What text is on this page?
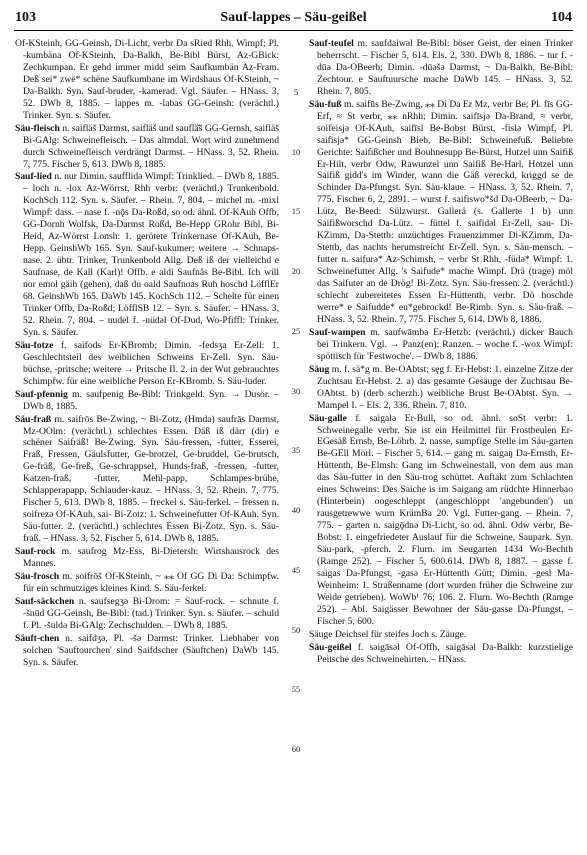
103	Sauf-lappes – Säu-geißel	104

Of-KSteinh, GG-Geinsh, Di-Licht, verbr Da sRied Rhh, Wimpf; Pl. -kumbäna Of-KSteinh, Da-Balkh, Be-Bibl Bürst, Az-GBick: Zechkumpan. Er gehd immer midd seim Saufkumbän Az-Fram. Deß sei* zwë* schëne Saufkumbane im Wirdshaus Of-KSteinh, ~ Da-Balkh. Syn. Sauf-bruder, -kamerad. Vgl. Säufer. – HNass. 3, 52. DWb 8, 1885. – lappes m. -labas GG-Geinsh: (verächtl.) Trinker. Syn. s. Säufer.

Säu-fleisch n. saifläš Darmst, saifläš und sauflä̌š GG-Gernsh, saifläš Bi-GAlg: Schweinefleisch. – Das altmdal. Wort wird zunehmend durch Schweinefleisch verdrängt Darmst. – HNass. 3, 52. Rhein. 7, 775. Fischer 5, 613. DWb 8, 1885.

Sauf-lied n. nur Dimin. saufflidə Wimpf: Trinklied. – DWb 8, 1885. – loch n. -lox Az-Wörrst, Rhh verbr: (verächtl.) Trunkenbold. KochSch 112. Syn. s. Säufer. – Rhein. 7, 804. – michel m. -mixl Wimpf: dass. – nase f. -nǭs Da-Roßd, so od. ähnl. Of-KAuh Offb, GG-Dornh Wolfsk, Da-Darmst Roßd, Be-Hepp GRohr Bibl, Bi-Heid, Az-Wörrst Lonsh: 1. gerötete Trinkernase Of-KAuh, Be-Hepp. GeinshWb 165. Syn. Sauf-kukumer; weitere → Schnaps-nase. 2. übtr. Trinker, Trunkenbold Allg. Deß iß der vielleichd e Saufnase, de Kall (Karl)! Offb. e aldi Saufnås Be-Bibl. Ich will nor emol gäih (gehen), daß du oald Saufnoas Ruh hoschd LöfflEr 68. GeinshWb 165. DaWb 145. KochSch 112. – Schelte für einen Trinker Offb, Da-Roßd; LöfflSB 12. – Syn. s. Säufer. – HNass. 3, 52. Rhein. 7, 804. – nudel f. -nüdəl Of-Dud, Wo-Pfiffl: Trinker. Syn. s. Säufer.

Säu-fotze f. saifods Er-KBromb; Dimin. -fedsʒa Er-Zell: 1. Geschlechtsteil des weiblichen Schweins Er-Zell. Syn. Säu-büchse, -pritsche; weitere → Pritsche II. 2. in der Wut gebrauchtes Schimpfw. für eine weibliche Person Er-KBromb. S. Säu-luder.

Sauf-pfennig m. saufpenig Be-Bibl: Trinkgeld. Syn. → Dusör. – DWb 8, 1885.

Säu-fraß m. saifrōs Be-Zwing, ~ Bi-Zotz, (Hmda) saufrās Darmst, Mz-OOlm: (verächtl.) schlechtes Essen. Däß iß därr (dir) e schëner Saifräß! Be-Zwing. Syn. Säu-fressen, -futter, Esserei, Fraß, Fressen, Gäulsfutter, Ge-brotzel, Ge-bruddel, Ge-brutsch, Ge-fräß, Ge-freß, Ge-schrappsel, Hunds-fraß, -fressen, -futter, Katzen-fraß, -futter, Mehl-papp, Schlampes-brühe, Schlapperapapp, Schlauder-kauz. – HNass. 3, 52. Rhein. 7, 775. Fischer 5, 613. DWb 8, 1885. – freckel s. Säu-ferkel. – fressen n. soifrezə Of-KAuh, sai- Bi-Zotz: 1. Schweinefutter Of-KAuh. Syn. Säu-futter. 2. (verächtl.) schlechtes Essen Bi-Zotz. Syn. s. Säu-fraß. – HNass. 3, 52. Fischer 5, 614. DWb 8, 1885.

Sauf-rock m. saufrog Mz-Ess, Bi-Dietersh: Wirtshausrock des Mannes.

Säu-frosch m. soifrōš Of-KSteinh, ~ ⁎⁎ Of GG Di Da: Schimpfw. für ein schmutziges kleines Kind. S. Säu-ferkel.

Sauf-säckchen n. saufsegʒə Bi-Drom: = Sauf-rock. – schnute f. -šnūd GG-Geinsh, Be-Bibl: (tad.) Trinker. Syn. s. Säufer. – schuld f. Pl. -šuldə Bi-GAlg: Zechschulden. – DWb 8, 1885.

Säuft-chen n. saifdʒə, Pl. -šə Darmst: Trinker. Liebhaber von solchen 'Sauftourchen' sind Saifdscher (Säuftchen) DaWb 145. Syn. s. Säufer.

5
10
15
20
25
30
35
40
45
50
55
60

Sauf-teufel m. saufdaiwəl Be-Bibl: böser Geist, der einen Trinker beherrscht. – Fischer 5, 614. Els. 2, 330. DWb 8, 1886. – tur f. -dūə Da-OBeerb; Dimin. -dūəšə Darmst, ~ Da-Balkh, Be-Bibl: Zechtour. e Sauftuursche mache DaWb 145. – HNass. 3, 52. Rhein. 7, 805.

Säu-fuß m. saifūs Be-Zwing, ⁎⁎ Di Da Er Mz, verbr Be; Pl. fīs GG-Erf, ≈ St verbr, ⁎⁎ nRhh; Dimin. saifīsjə Da-Brand, ≈ verbr, soifeisjə Of-KAuh, saifīsl Be-Bobst Bürst, -fislə Wimpf, Pl. saifisjə* GG-Geinsh Bieb, Be-Bibl: Schweinefuß. Beliebte Gerichte: Saifißcher und Bouhnesupp Be-Bürst, Hutzel unn Saifiß Er-Hilt, verbr Odw, Rawunzel unn Saifiß Be-Harl. Hotzel unn Saifiß gidd's im Winder, wann die Gäß vereckd, kriggd se de Schinder Da-Pfungst. Syn. Säu-klaue. – HNass. 3, 52. Rhein. 7, 775. Fischer 6, 2, 2891. – wurst f. saifiswo*šd Da-OBeerb, ~ Da-Lütz, Be-Beed: Sülzwurst. Gallerä (s. Gallerte 1 b) unn Saifißworschd Da-Lütz. – füttel f. saifidəl Er-Zell, sau- Di-KZimm, Da-Stettb: unzüchtiges Frauenzimmer Di-KZimm, Da-Stettb, das nachts herumstreicht Er-Zell. Syn. s. Säu-mensch. – futter n. saifurə* Az-Schimsh, ~ verbr St Rhh, -füdə* Wimpf: 1. Schweinefutter Allg. 's Saifude* mache Wimpf. Drä (trage) möl das Saifuter an de Drög! Bi-Zotz. Syn. Säu-fressen. 2. (verächtl.) schlecht zubereitetes Essen Er-Hüttenth, verbr. Dö hoschde werre* e Saifudde* eu*gebrockd! Be-Rimb. Syn. s. Säu-fraß. – HNass. 3, 52. Rhein. 7, 775. Fischer 5, 614. DWb 8, 1886.

Sauf-wampen m. saufwāmbə Er-Hetzb: (verächtl.) dicker Bauch bei Trinkern. Vgl. → Panz(en); Ranzen. – woche f. -wox Wimpf: spöttisch für 'Festwoche'. – DWb 8, 1886.

Säug m. f. sä*g m. Be-OAbtst; sęg f. Er-Hebst: 1. einzelne Zitze der Zuchtsau Er-Hebst. 2. a) das gesamte Gesäuge der Zuchtsau Be-OAbtst. b) (derb scherzh.) weibliche Brust Be-OAbtst. Syn. → Mampel I. – Els. 2, 336. Rhein. 7, 810.

Säu-galle f. saigalə Er-Bull, so od. ähnl. soSt verbr: 1. Schweinegalle verbr. Sie ist ein Heilmittel für Frostbeulen Er-EGesäß Ernsb, Be-Löhrb. 2. nasse, sumpfige Stelle im Säu-garten Be-GEll Mörl. – Fischer 5, 614. – gang m. saigaŋ Da-Ernsth, Er-Hüttenth, Be-Elmsh: Gang im Schweinestall, von dem aus man das Säu-futter in den Säu-trog schüttet. Auftakt zum Schlachten eines Schweins: Des Saiche is im Saigang am rüdchte Hinnerbao (Hinterbein) oogeschleppt (angeschlöppt 'angebunden') un rausgetrewwe wurn KrämBa 20. Vgl. Futter-gang. – Rhein. 7, 775. – garten n. saigǭdnə Di-Licht, so od. ähnl. Odw verbr, Be-Bobst: 1. eingefriedeter Auslauf für die Schweine, Saupark. Syn. Säu-park, -pferch. 2. Flurn. im Seugarten 1434 Wo-Bechth (Ramge 252). – Fischer 5, 600.614. DWb 8, 1887. – gasse f. saigas Da-Pfungst, -gasə Er-Hüttenth Gütt; Dimin. -gesl Ma-Weinheim: 1. Straßenname (dort wurden früher die Schweine zur Weide getrieben). WoWb¹ 76; 106. 2. Flurn. Wo-Bechth (Ramge 252). – Abl. Saigässer Bewohner der Säu-gasse Da-Pfungst. – Fischer 5, 600.

Säuge Deichsel für steifes Joch s. Zäuge.

Säu-geißel f. səigāsəl Of-Offh, saigāsəl Da-Balkh: kurzstielige Peitsche des Schweinehirten. – HNass.
